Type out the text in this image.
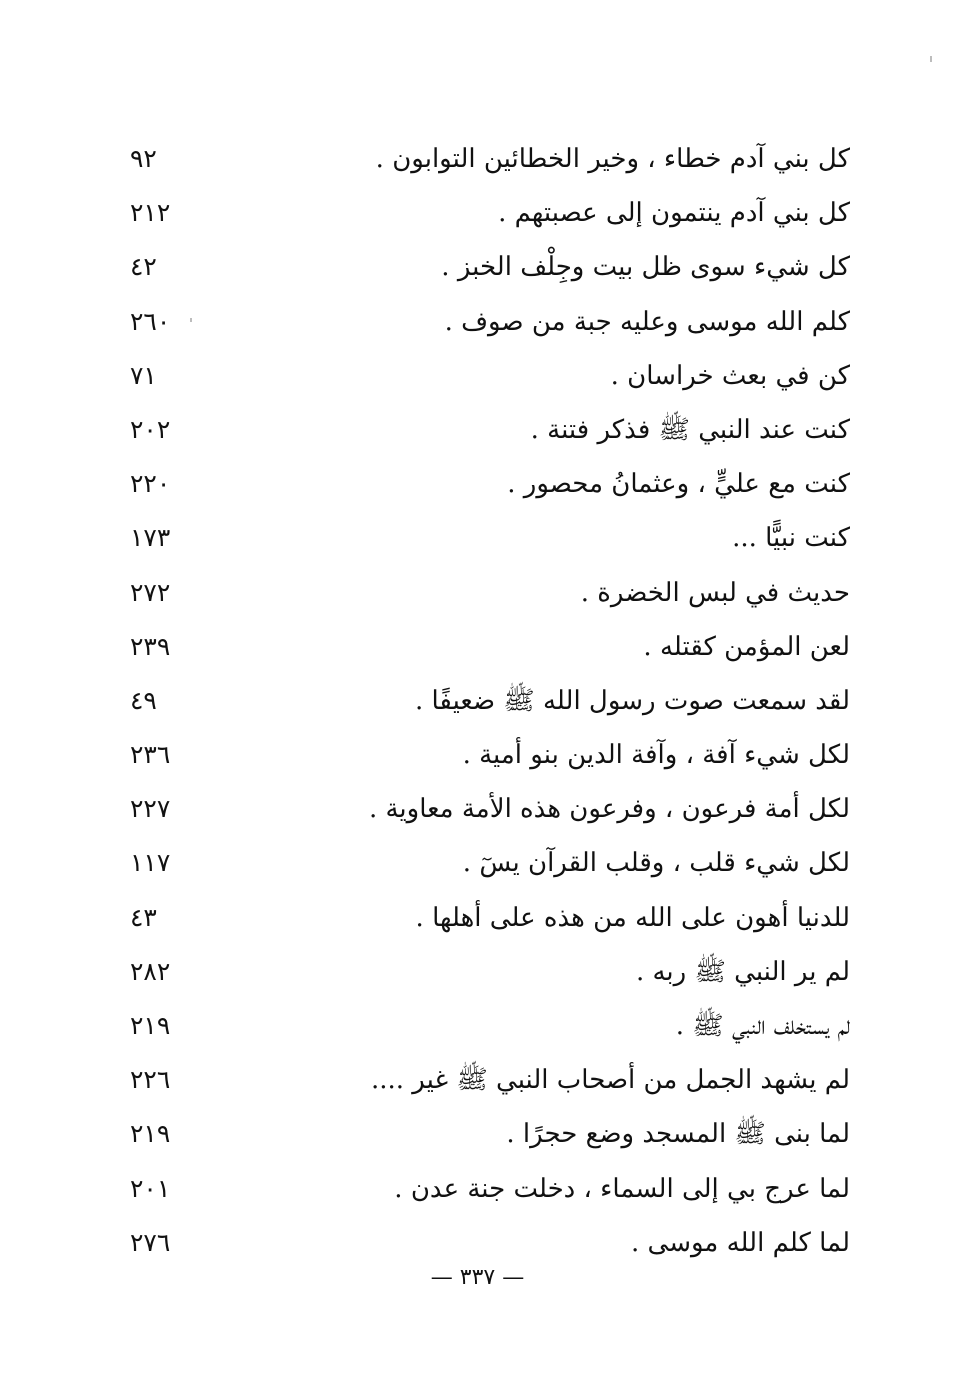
كل بني آدم خطاء ، وخير الخطائين التوابون .
٩٢
كل بني آدم ينتمون إلى عصبتهم .
٢١٢
كل شيء سوى ظل بيت وجِلْف الخبز .
٤٢
كلم الله موسى وعليه جبة من صوف .
٢٦٠
كن في بعث خراسان .
٧١
كنت عند النبي ﷺ فذكر فتنة .
٢٠٢
كنت مع عليٍّ ، وعثمانُ محصور .
٢٢٠
كنت نبيًّا ...
١٧٣
حديث في لبس الخضرة .
٢٧٢
لعن المؤمن كقتله .
٢٣٩
لقد سمعت صوت رسول الله ﷺ ضعيفًا .
٤٩
لكل شيء آفة ، وآفة الدين بنو أمية .
٢٣٦
لكل أمة فرعون ، وفرعون هذه الأمة معاوية .
٢٢٧
لكل شيء قلب ، وقلب القرآن يسٓ .
١١٧
للدنيا أهون على الله من هذه على أهلها .
٤٣
لم ير النبي ﷺ ربه .
٢٨٢
لم يستخلف النبي ﷺ .
٢١٩
لم يشهد الجمل من أصحاب النبي ﷺ غير ....
٢٢٦
لما بنى ﷺ المسجد وضع حجرًا .
٢١٩
لما عرج بي إلى السماء ، دخلت جنة عدن .
٢٠١
لما كلم الله موسى .
٢٧٦
— ٣٣٧ —
